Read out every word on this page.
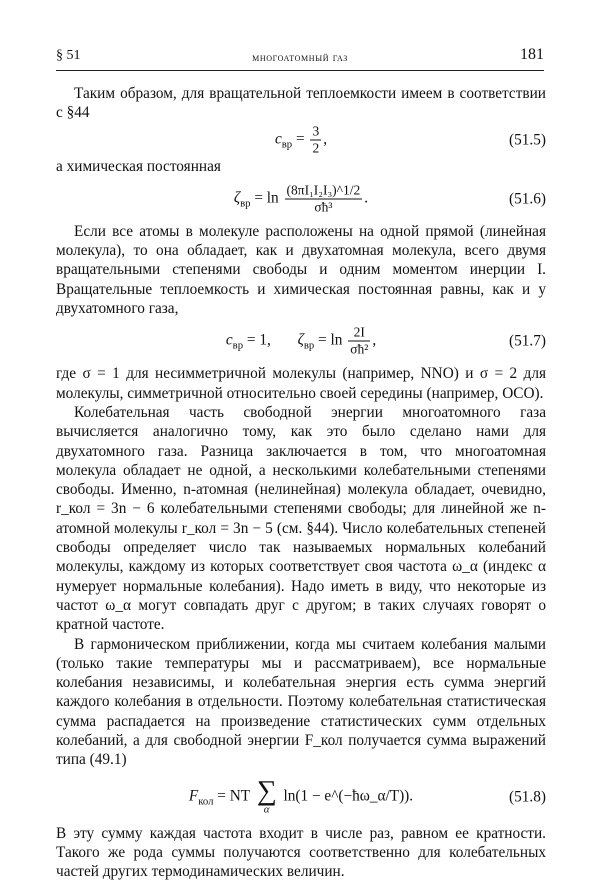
§ 51	многоатомный газ	181

Таким образом, для вращательной теплоемкости имеем в соответствии с §44

$c_{вр} = \frac{3}{2}$ ,	(51.5)

а химическая постоянная

$\zeta_{вр} = \ln \frac{\text{(8πI₁I₂I₃)\textasciicircum{}1/2}}{\text{σħ³}}$ .	(51.6)

Если все атомы в молекуле расположены на одной прямой (линейная молекула), то она обладает, как и двухатомная молекула, всего двумя вращательными степенями свободы и одним моментом инерции I. Вращательные теплоемкость и химическая постоянная равны, как и у двухатомного газа,

$c_{вр} = 1$, $\zeta_{вр} = \ln \frac{2I}{\text{σħ²}}$ ,	(51.7)

где σ = 1 для несимметричной молекулы (например, NNO) и σ = 2 для молекулы, симметричной относительно своей середины (например, OCO).

Колебательная часть свободной энергии многоатомного газа вычисляется аналогично тому, как это было сделано нами для двухатомного газа. Разница заключается в том, что многоатомная молекула обладает не одной, а несколькими колебательными степенями свободы. Именно, n-атомная (нелинейная) молекула обладает, очевидно, r_кол = 3n − 6 колебательными степенями свободы; для линейной же n-атомной молекулы r_кол = 3n − 5 (см. §44). Число колебательных степеней свободы определяет число так называемых нормальных колебаний молекулы, каждому из которых соответствует своя частота ω_α (индекс α нумерует нормальные колебания). Надо иметь в виду, что некоторые из частот ω_α могут совпадать друг с другом; в таких случаях говорят о кратной частоте.

В гармоническом приближении, когда мы считаем колебания малыми (только такие температуры мы и рассматриваем), все нормальные колебания независимы, и колебательная энергия есть сумма энергий каждого колебания в отдельности. Поэтому колебательная статистическая сумма распадается на произведение статистических сумм отдельных колебаний, а для свободной энергии F_кол получается сумма выражений типа (49.1)

$F_{кол}$ = NT ∑
α
ln(1 − e^(−ħω_α/T)).	(51.8)

В эту сумму каждая частота входит в числе раз, равном ее кратности. Такого же рода суммы получаются соответственно для колебательных частей других термодинамических величин.
